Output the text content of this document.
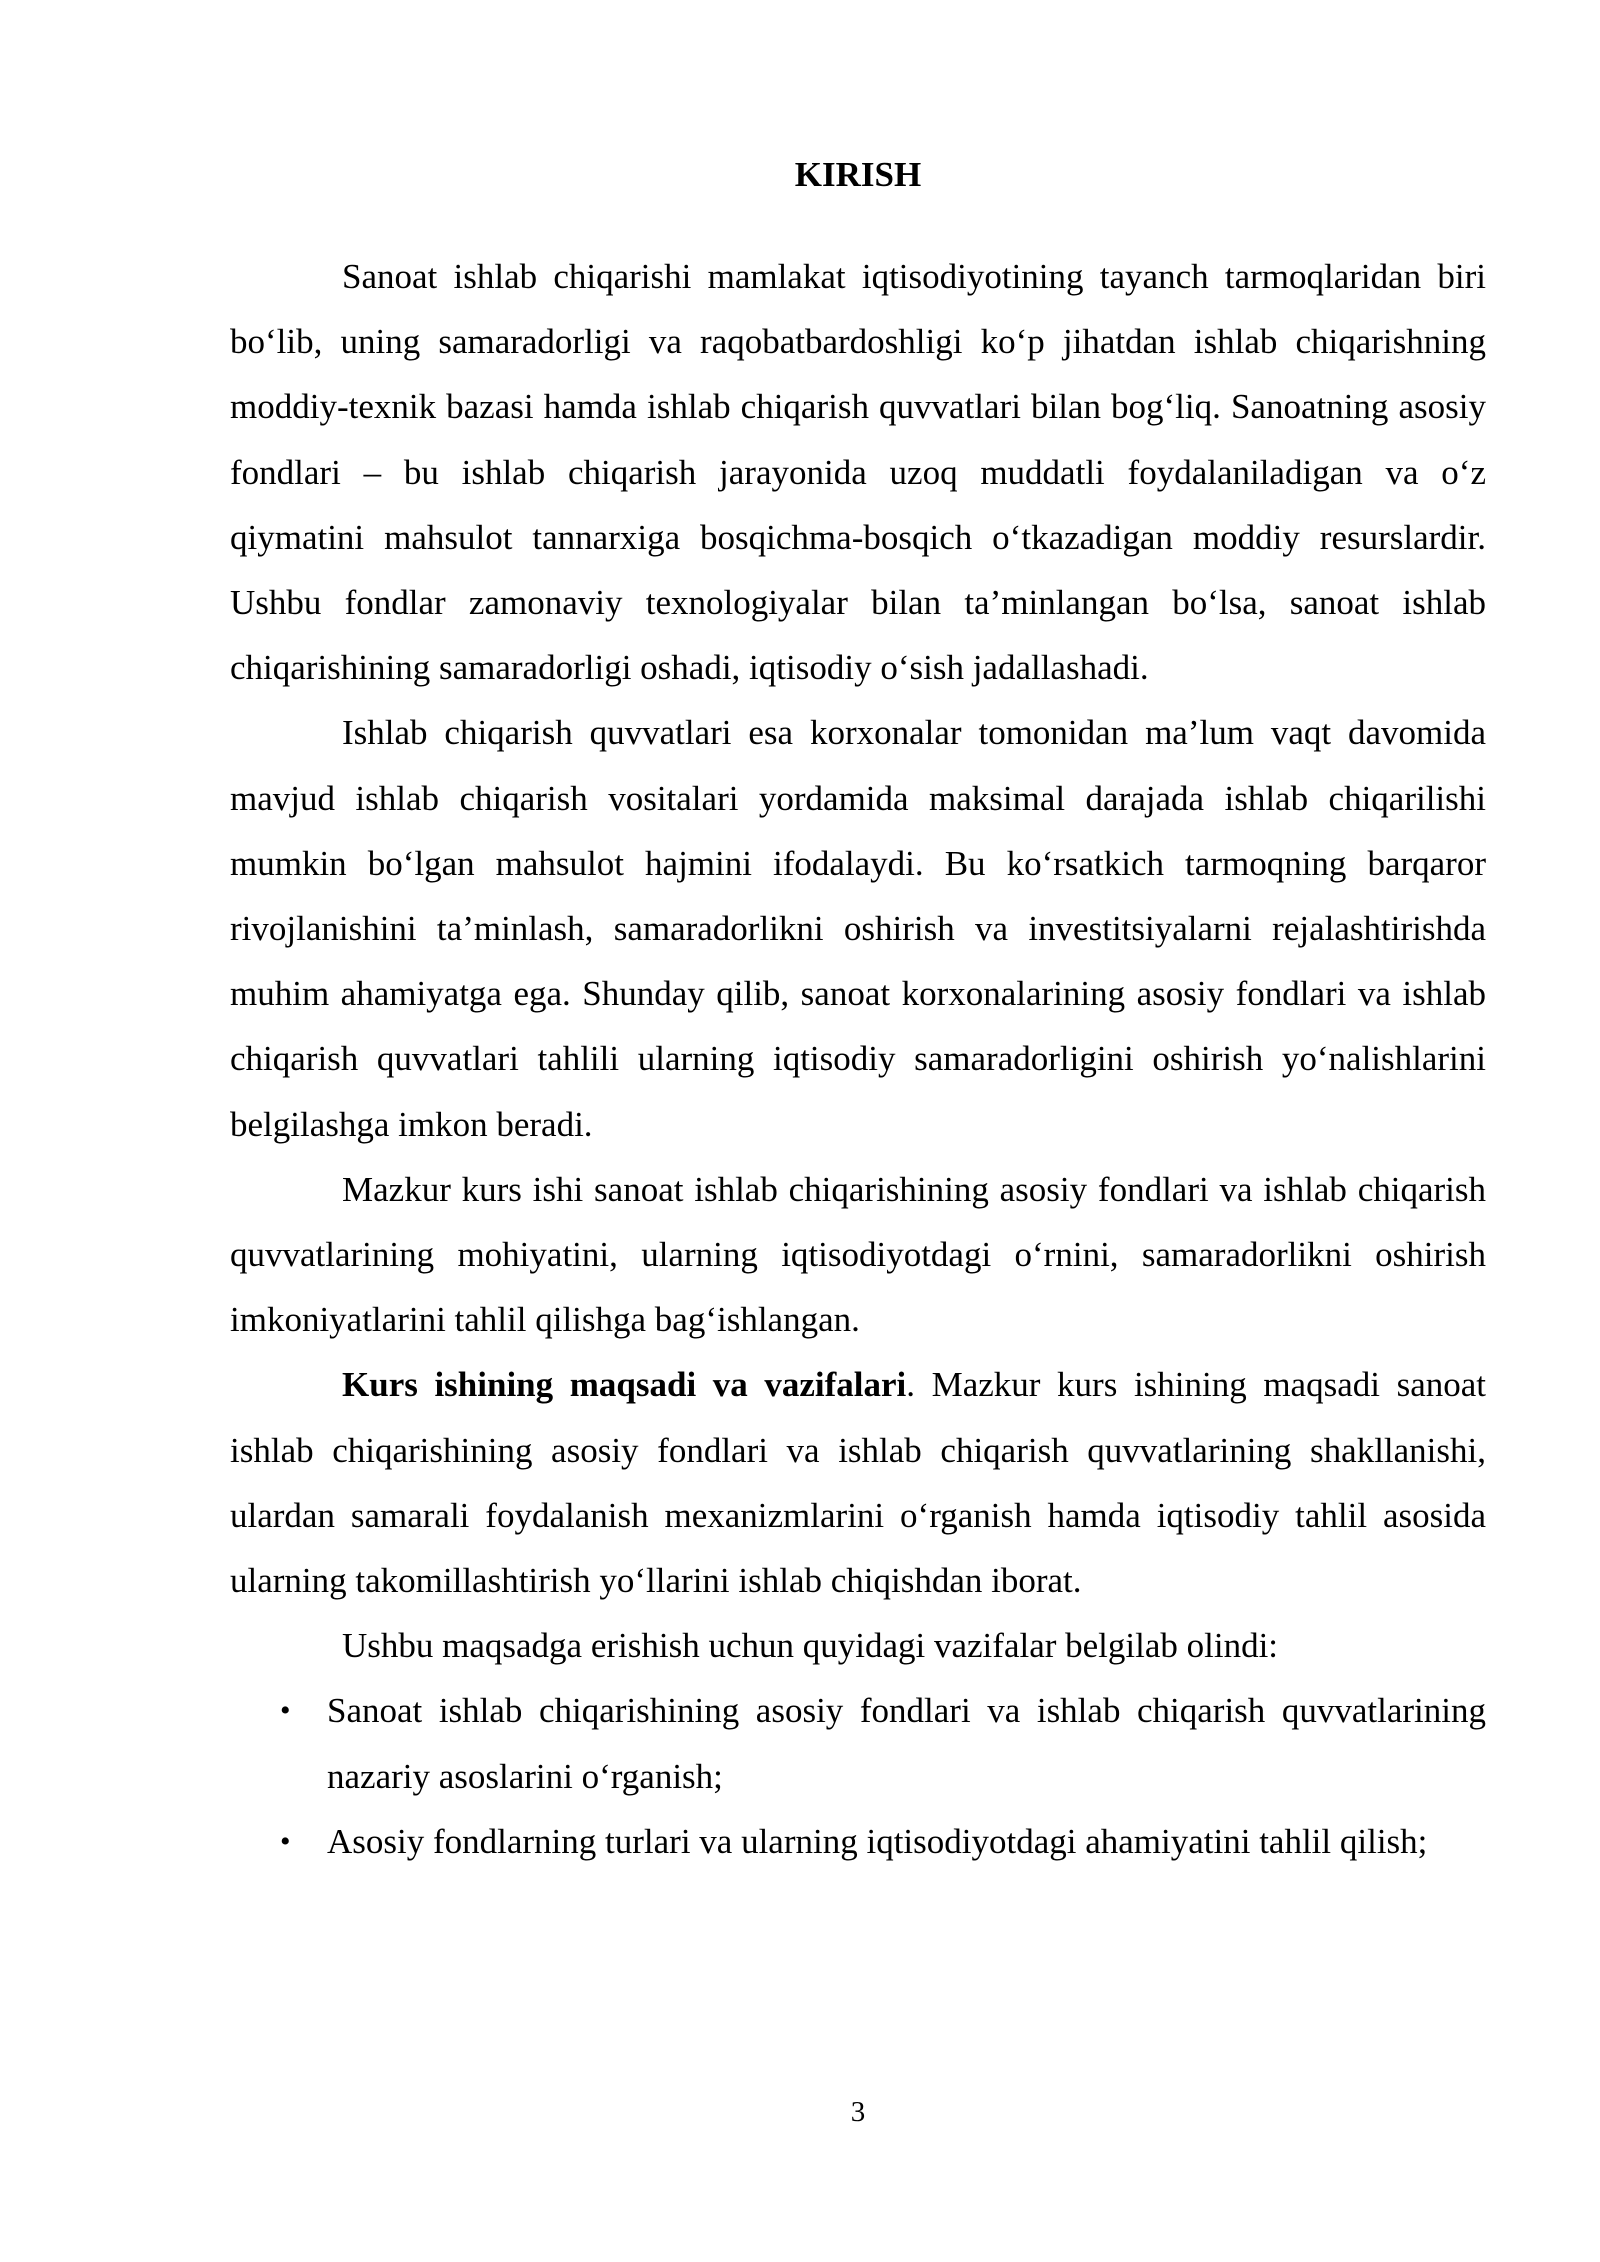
KIRISH

Sanoat ishlab chiqarishi mamlakat iqtisodiyotining tayanch tarmoqlaridan biri bo‘lib, uning samaradorligi va raqobatbardoshligi ko‘p jihatdan ishlab chiqarishning moddiy-texnik bazasi hamda ishlab chiqarish quvvatlari bilan bog‘liq. Sanoatning asosiy fondlari – bu ishlab chiqarish jarayonida uzoq muddatli foydalaniladigan va o‘z qiymatini mahsulot tannarxiga bosqichma-bosqich o‘tkazadigan moddiy resurslardir. Ushbu fondlar zamonaviy texnologiyalar bilan ta’minlangan bo‘lsa, sanoat ishlab chiqarishining samaradorligi oshadi, iqtisodiy o‘sish jadallashadi.

Ishlab chiqarish quvvatlari esa korxonalar tomonidan ma’lum vaqt davomida mavjud ishlab chiqarish vositalari yordamida maksimal darajada ishlab chiqarilishi mumkin bo‘lgan mahsulot hajmini ifodalaydi. Bu ko‘rsatkich tarmoqning barqaror rivojlanishini ta’minlash, samaradorlikni oshirish va investitsiyalarni rejalashtirishda muhim ahamiyatga ega. Shunday qilib, sanoat korxonalarining asosiy fondlari va ishlab chiqarish quvvatlari tahlili ularning iqtisodiy samaradorligini oshirish yo‘nalishlarini belgilashga imkon beradi.

Mazkur kurs ishi sanoat ishlab chiqarishining asosiy fondlari va ishlab chiqarish quvvatlarining mohiyatini, ularning iqtisodiyotdagi o‘rnini, samaradorlikni oshirish imkoniyatlarini tahlil qilishga bag‘ishlangan.

Kurs ishining maqsadi va vazifalari. Mazkur kurs ishining maqsadi sanoat ishlab chiqarishining asosiy fondlari va ishlab chiqarish quvvatlarining shakllanishi, ulardan samarali foydalanish mexanizmlarini o‘rganish hamda iqtisodiy tahlil asosida ularning takomillashtirish yo‘llarini ishlab chiqishdan iborat.

Ushbu maqsadga erishish uchun quyidagi vazifalar belgilab olindi:

• Sanoat ishlab chiqarishining asosiy fondlari va ishlab chiqarish quvvatlarining nazariy asoslarini o‘rganish;
• Asosiy fondlarning turlari va ularning iqtisodiyotdagi ahamiyatini tahlil qilish;
3
